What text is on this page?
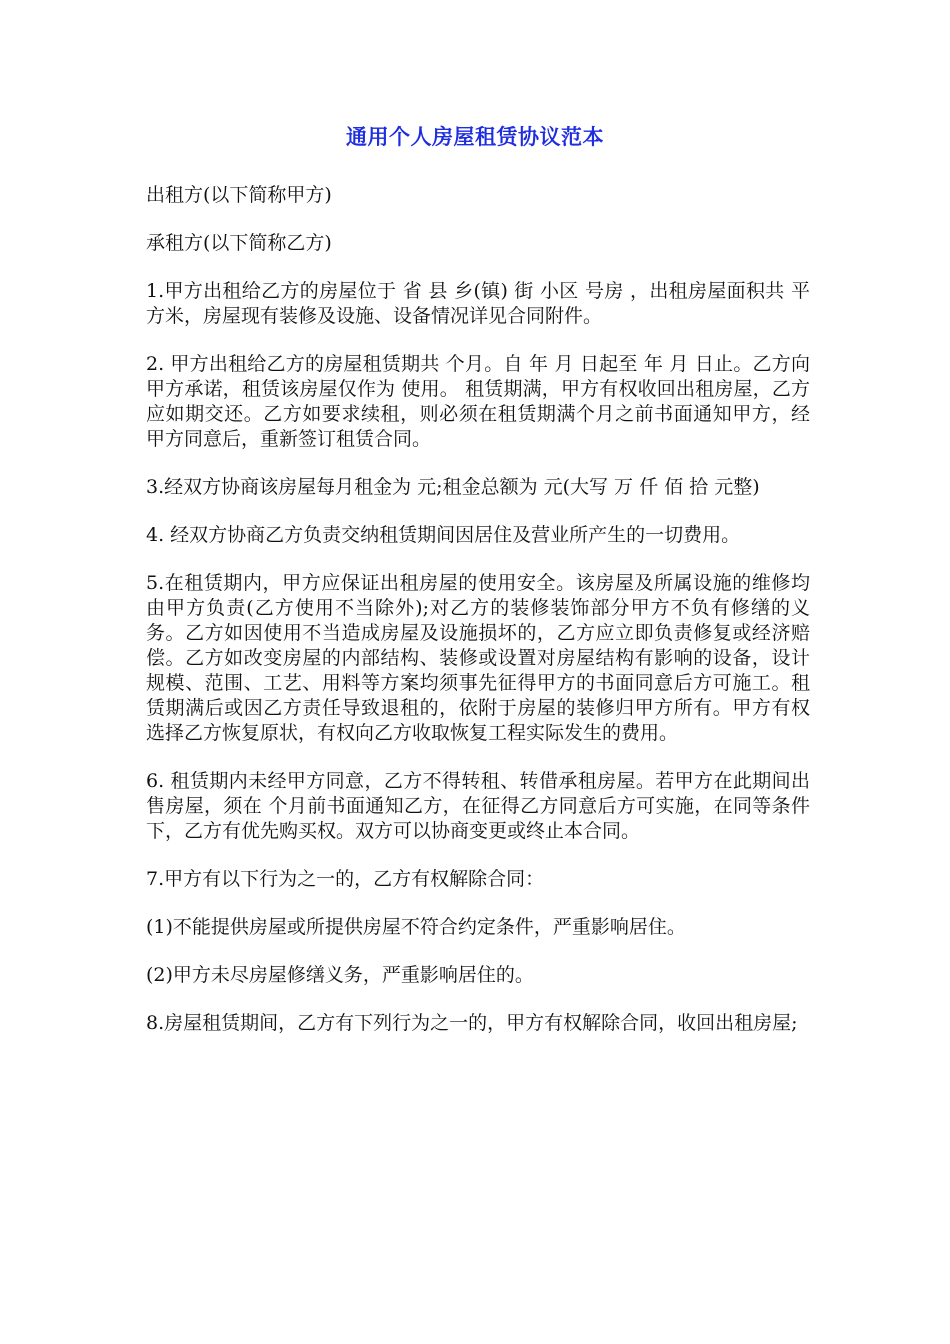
通用个人房屋租赁协议范本

出租方(以下简称甲方)

承租方(以下简称乙方)

1.甲方出租给乙方的房屋位于 省 县 乡(镇) 街 小区 号房 ，出租房屋面积共 平方米，房屋现有装修及设施、设备情况详见合同附件。

2. 甲方出租给乙方的房屋租赁期共 个月。自 年 月 日起至 年 月 日止。乙方向甲方承诺，租赁该房屋仅作为 使用。 租赁期满，甲方有权收回出租房屋，乙方应如期交还。乙方如要求续租，则必须在租赁期满个月之前书面通知甲方，经甲方同意后，重新签订租赁合同。

3.经双方协商该房屋每月租金为 元;租金总额为 元(大写 万 仟 佰 拾 元整)

4. 经双方协商乙方负责交纳租赁期间因居住及营业所产生的一切费用。

5.在租赁期内，甲方应保证出租房屋的使用安全。该房屋及所属设施的维修均由甲方负责(乙方使用不当除外);对乙方的装修装饰部分甲方不负有修缮的义务。乙方如因使用不当造成房屋及设施损坏的，乙方应立即负责修复或经济赔偿。乙方如改变房屋的内部结构、装修或设置对房屋结构有影响的设备，设计规模、范围、工艺、用料等方案均须事先征得甲方的书面同意后方可施工。租赁期满后或因乙方责任导致退租的，依附于房屋的装修归甲方所有。甲方有权选择乙方恢复原状，有权向乙方收取恢复工程实际发生的费用。

6. 租赁期内未经甲方同意，乙方不得转租、转借承租房屋。若甲方在此期间出售房屋，须在 个月前书面通知乙方，在征得乙方同意后方可实施，在同等条件下，乙方有优先购买权。双方可以协商变更或终止本合同。

7.甲方有以下行为之一的，乙方有权解除合同：

(1)不能提供房屋或所提供房屋不符合约定条件，严重影响居住。

(2)甲方未尽房屋修缮义务，严重影响居住的。

8.房屋租赁期间，乙方有下列行为之一的，甲方有权解除合同，收回出租房屋;
